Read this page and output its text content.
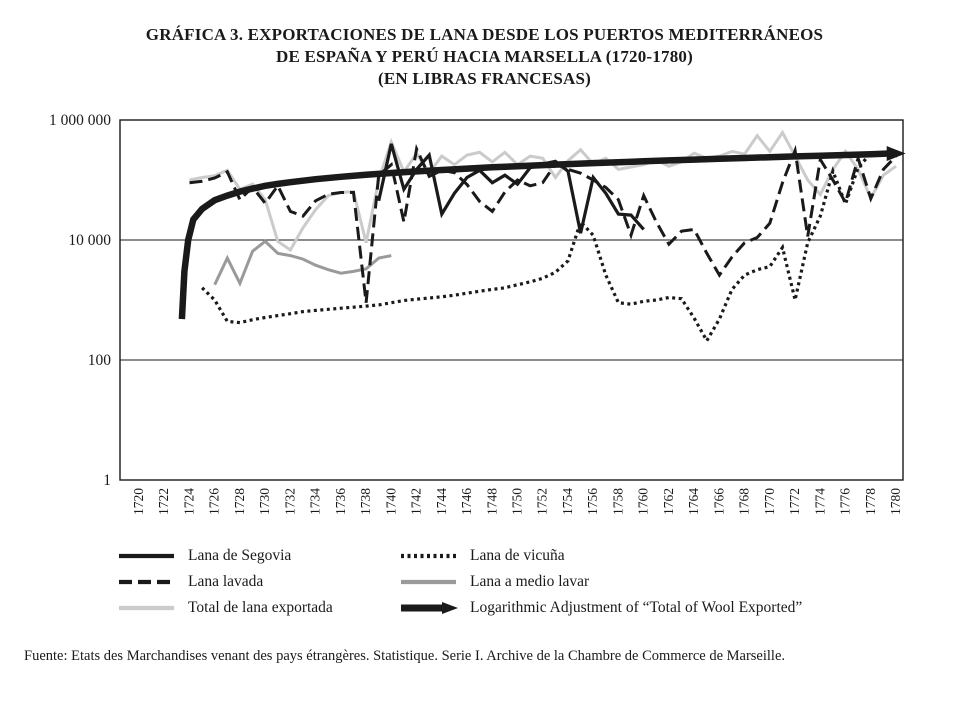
GRÁFICA 3. EXPORTACIONES DE LANA DESDE LOS PUERTOS MEDITERRÁNEOS
DE ESPAÑA Y PERÚ HACIA MARSELLA (1720-1780)
(EN LIBRAS FRANCESAS)
1 000 000
10 000
100
1
1720 1722 1724 1726 1728 1730 1732 1734 1736 1738 1740 1742 1744 1746 1748 1750 1752 1754 1756 1758 1760 1762 1764 1766 1768 1770 1772 1774 1776 1778 1780
Lana de Segovia
Lana lavada
Total de lana exportada
Lana de vicuña
Lana a medio lavar
Logarithmic Adjustment of “Total of Wool Exported”
Fuente: Etats des Marchandises venant des pays étrangères. Statistique. Serie I. Archive de la Chambre de Commerce de Marseille.
